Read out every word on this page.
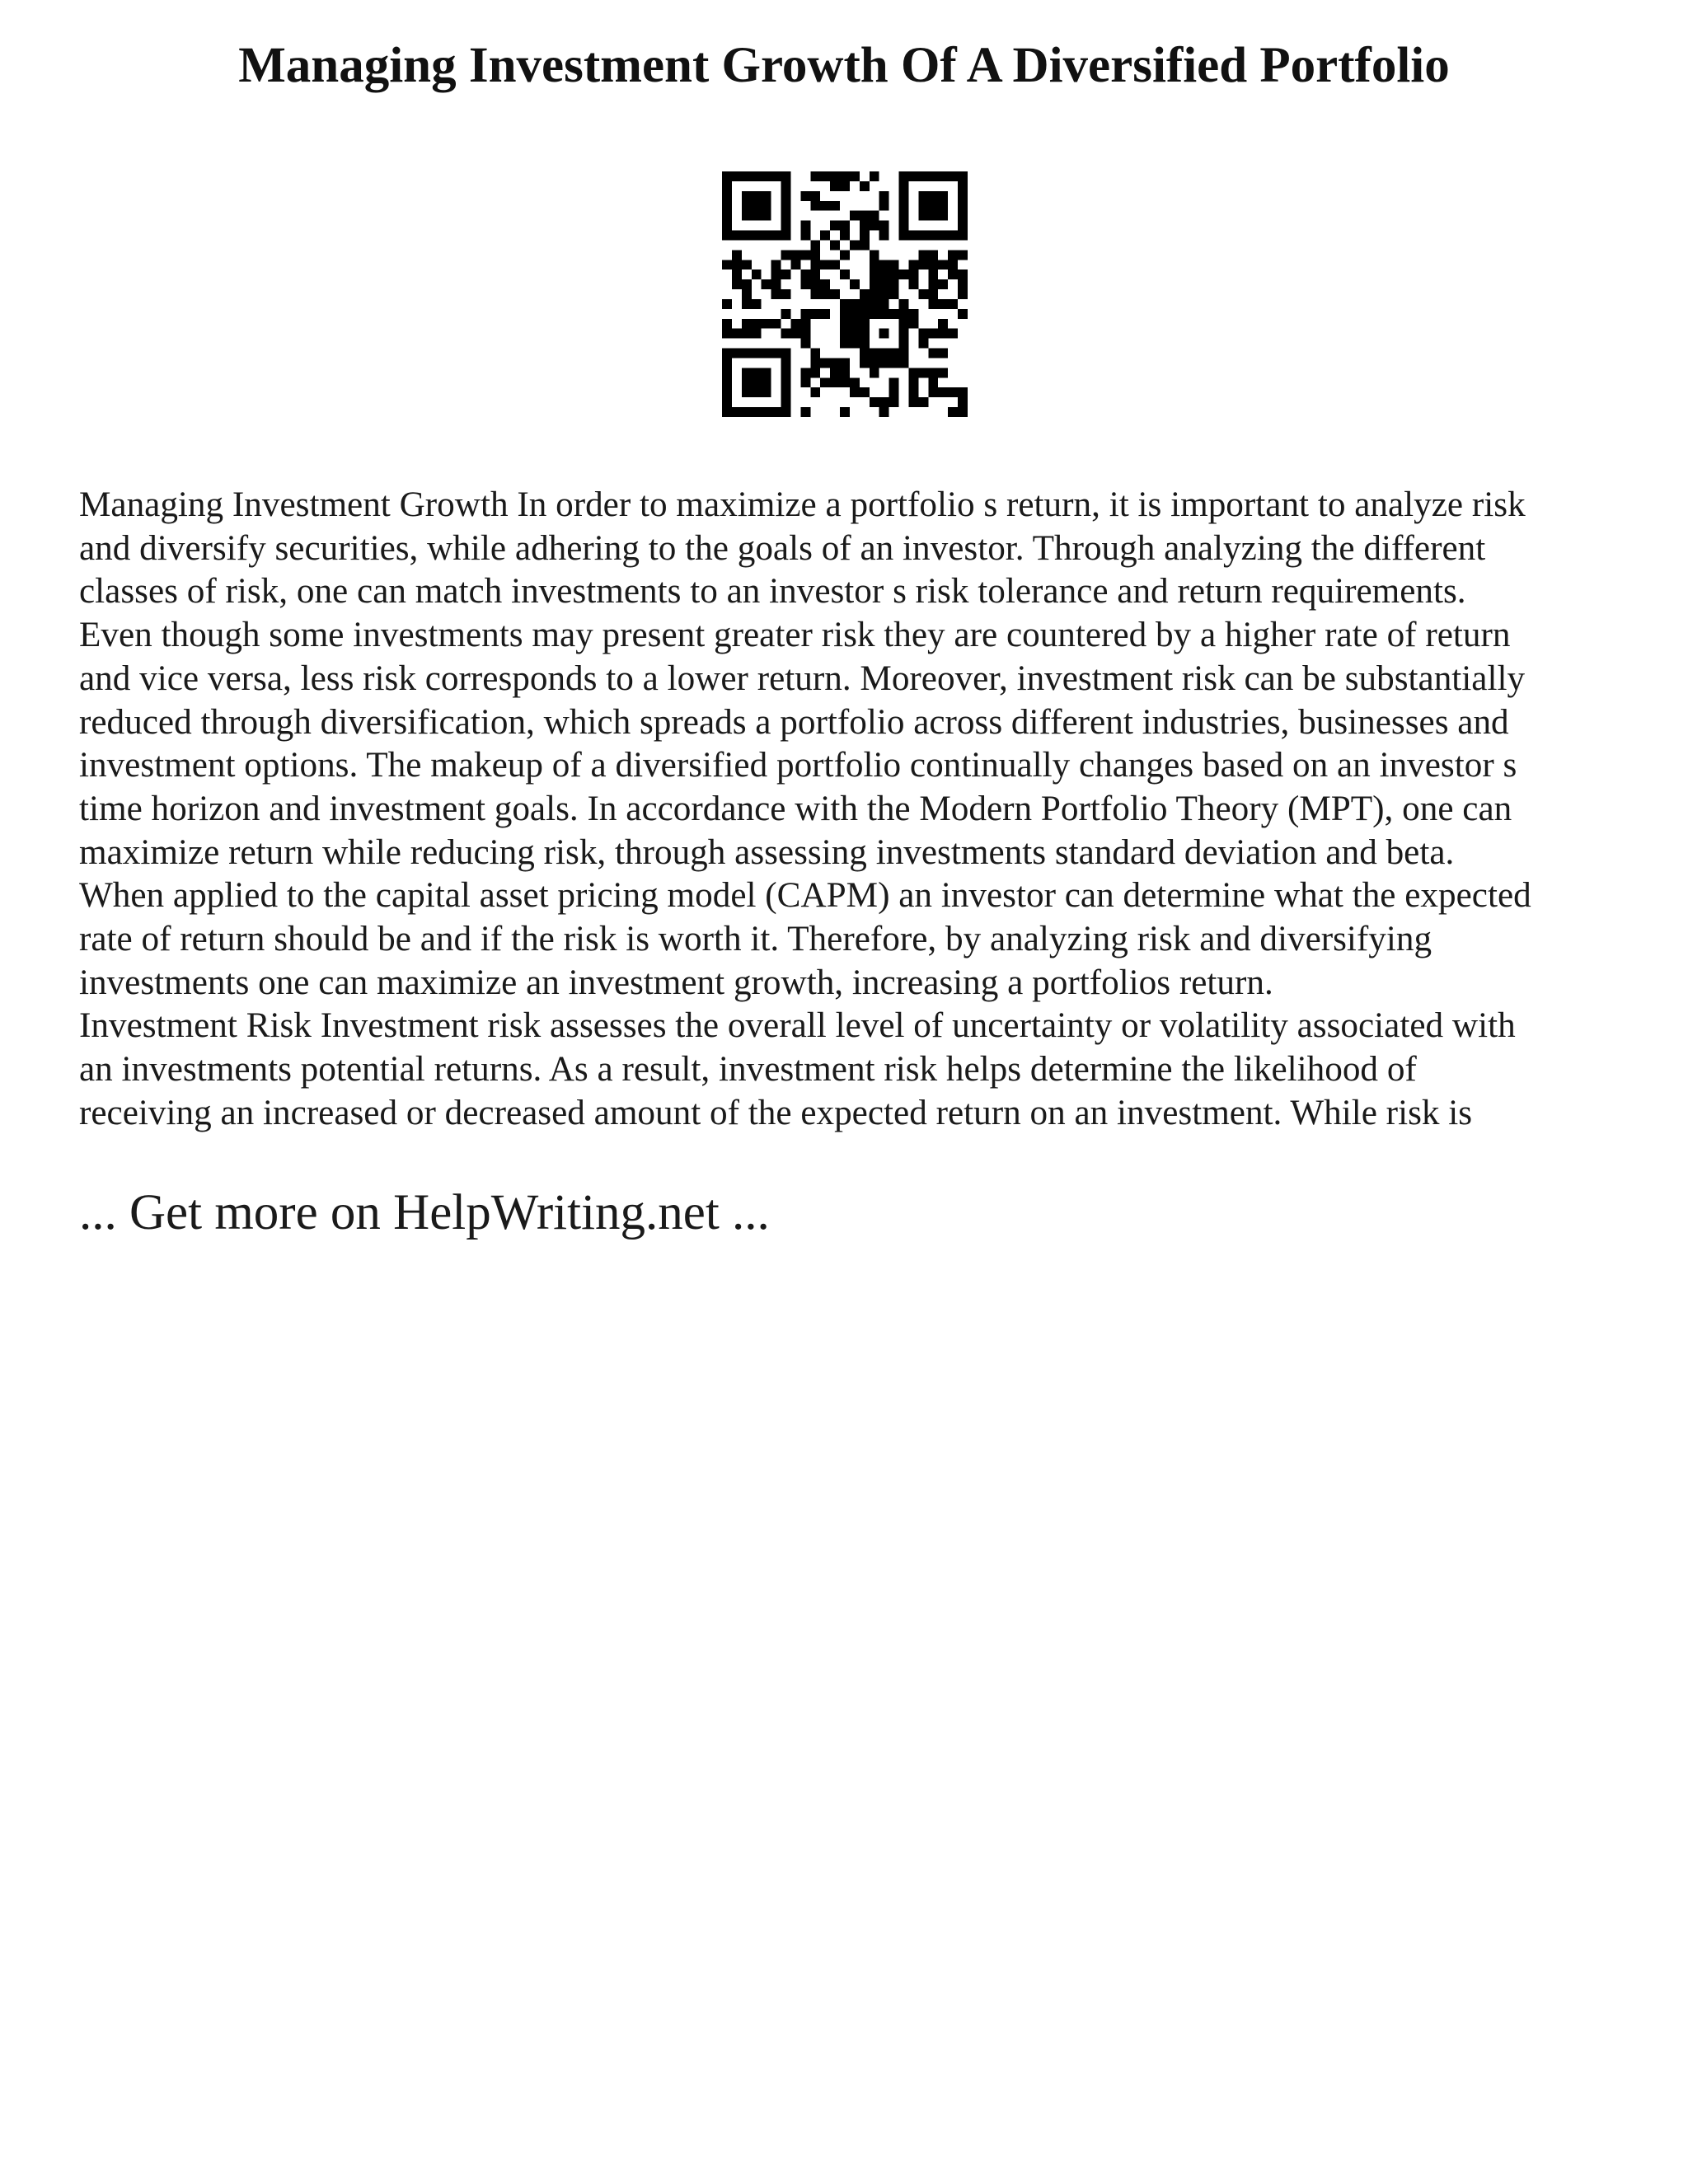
Managing Investment Growth Of A Diversified Portfolio
Managing Investment Growth In order to maximize a portfolio s return, it is important to analyze risk
and diversify securities, while adhering to the goals of an investor. Through analyzing the different
classes of risk, one can match investments to an investor s risk tolerance and return requirements.
Even though some investments may present greater risk they are countered by a higher rate of return
and vice versa, less risk corresponds to a lower return. Moreover, investment risk can be substantially
reduced through diversification, which spreads a portfolio across different industries, businesses and
investment options. The makeup of a diversified portfolio continually changes based on an investor s
time horizon and investment goals. In accordance with the Modern Portfolio Theory (MPT), one can
maximize return while reducing risk, through assessing investments standard deviation and beta.
When applied to the capital asset pricing model (CAPM) an investor can determine what the expected
rate of return should be and if the risk is worth it. Therefore, by analyzing risk and diversifying
investments one can maximize an investment growth, increasing a portfolios return.
Investment Risk Investment risk assesses the overall level of uncertainty or volatility associated with
an investments potential returns. As a result, investment risk helps determine the likelihood of
receiving an increased or decreased amount of the expected return on an investment. While risk is
... Get more on HelpWriting.net ...
